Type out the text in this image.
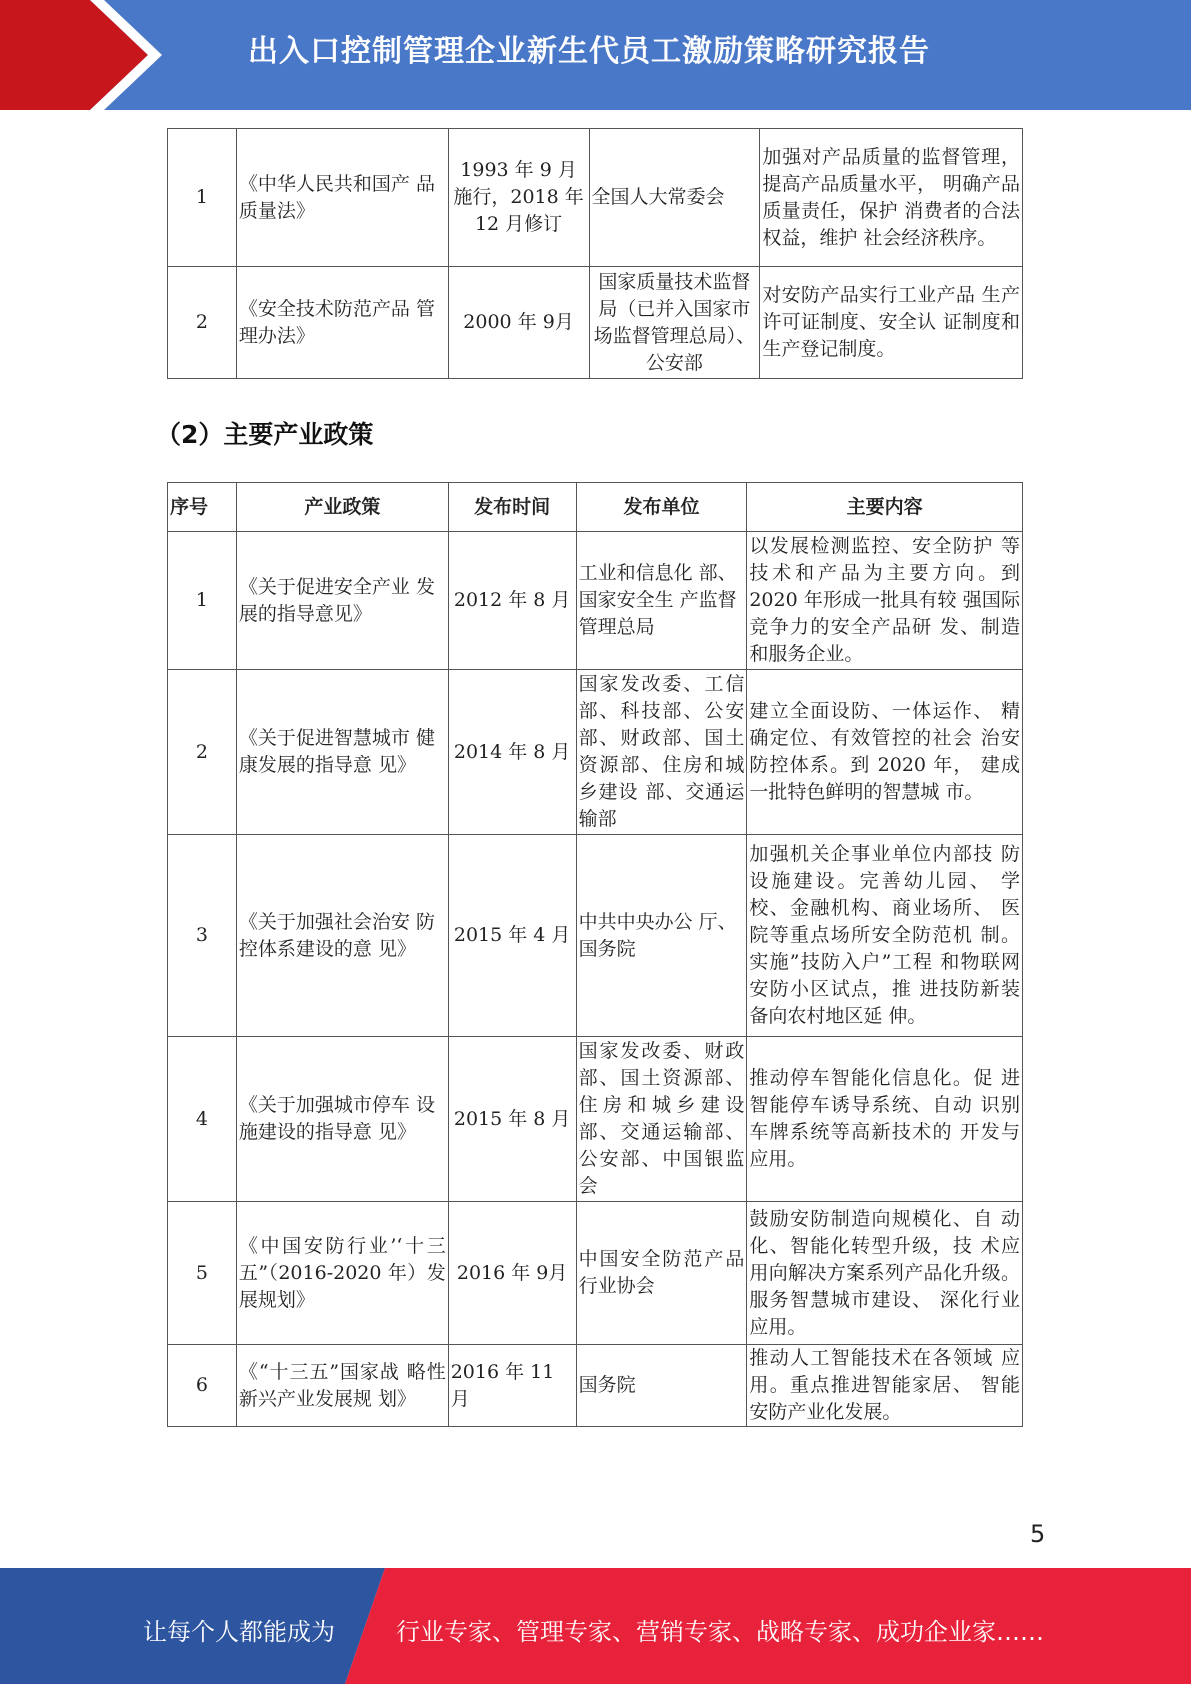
出入口控制管理企业新生代员工激励策略研究报告
1	《中华人民共和国产 品质量法》	1993 年 9 月 施行，2018 年 12 月修订	全国人大常委会	加强对产品质量的监督管理，提高产品质量水平， 明确产品质量责任，保护 消费者的合法权益，维护 社会经济秩序。
2	《安全技术防范产品 管理办法》	2000 年 9月	国家质量技术监督局（已并入国家市场监督管理总局）、公安部	对安防产品实行工业产品 生产许可证制度、安全认 证制度和生产登记制度。
（2）主要产业政策
序号	产业政策	发布时间	发布单位	主要内容
1	《关于促进安全产业 发展的指导意见》	2012 年 8 月	工业和信息化 部、国家安全生 产监督管理总局	以发展检测监控、安全防护 等技术和产品为主要方向。到 2020 年形成一批具有较 强国际竞争力的安全产品研 发、制造和服务企业。
2	《关于促进智慧城市 健康发展的指导意 见》	2014 年 8 月	国家发改委、工信部、科技部、公安部、财政部、国土资源部、住房和城乡建设 部、交通运输部	建立全面设防、一体运作、 精确定位、有效管控的社会 治安防控体系。到 2020 年， 建成一批特色鲜明的智慧城 市。
3	《关于加强社会治安 防控体系建设的意 见》	2015 年 4 月	中共中央办公 厅、国务院	加强机关企事业单位内部技 防设施建设。完善幼儿园、 学校、金融机构、商业场所、 医院等重点场所安全防范机 制。实施”技防入户”工程 和物联网安防小区试点，推 进技防新装备向农村地区延 伸。
4	《关于加强城市停车 设施建设的指导意 见》	2015 年 8 月	国家发改委、财政部、国土资源部、住房和城乡建设部、交通运输部、公安部、中国银监会	推动停车智能化信息化。促 进智能停车诱导系统、自动 识别车牌系统等高新技术的 开发与应用。
5	《中国安防行业’‘十三五”（2016-2020 年）发展规划》	2016 年 9月	中国安全防范产品行业协会	鼓励安防制造向规模化、自 动化、智能化转型升级，技 术应用向解决方案系列产品化升级。服务智慧城市建设、 深化行业应用。
6	《“十三五”国家战 略性新兴产业发展规 划》	2016 年 11 月	国务院	推动人工智能技术在各领域 应用。重点推进智能家居、 智能安防产业化发展。
5
让每个人都能成为	行业专家、管理专家、营销专家、战略专家、成功企业家……
